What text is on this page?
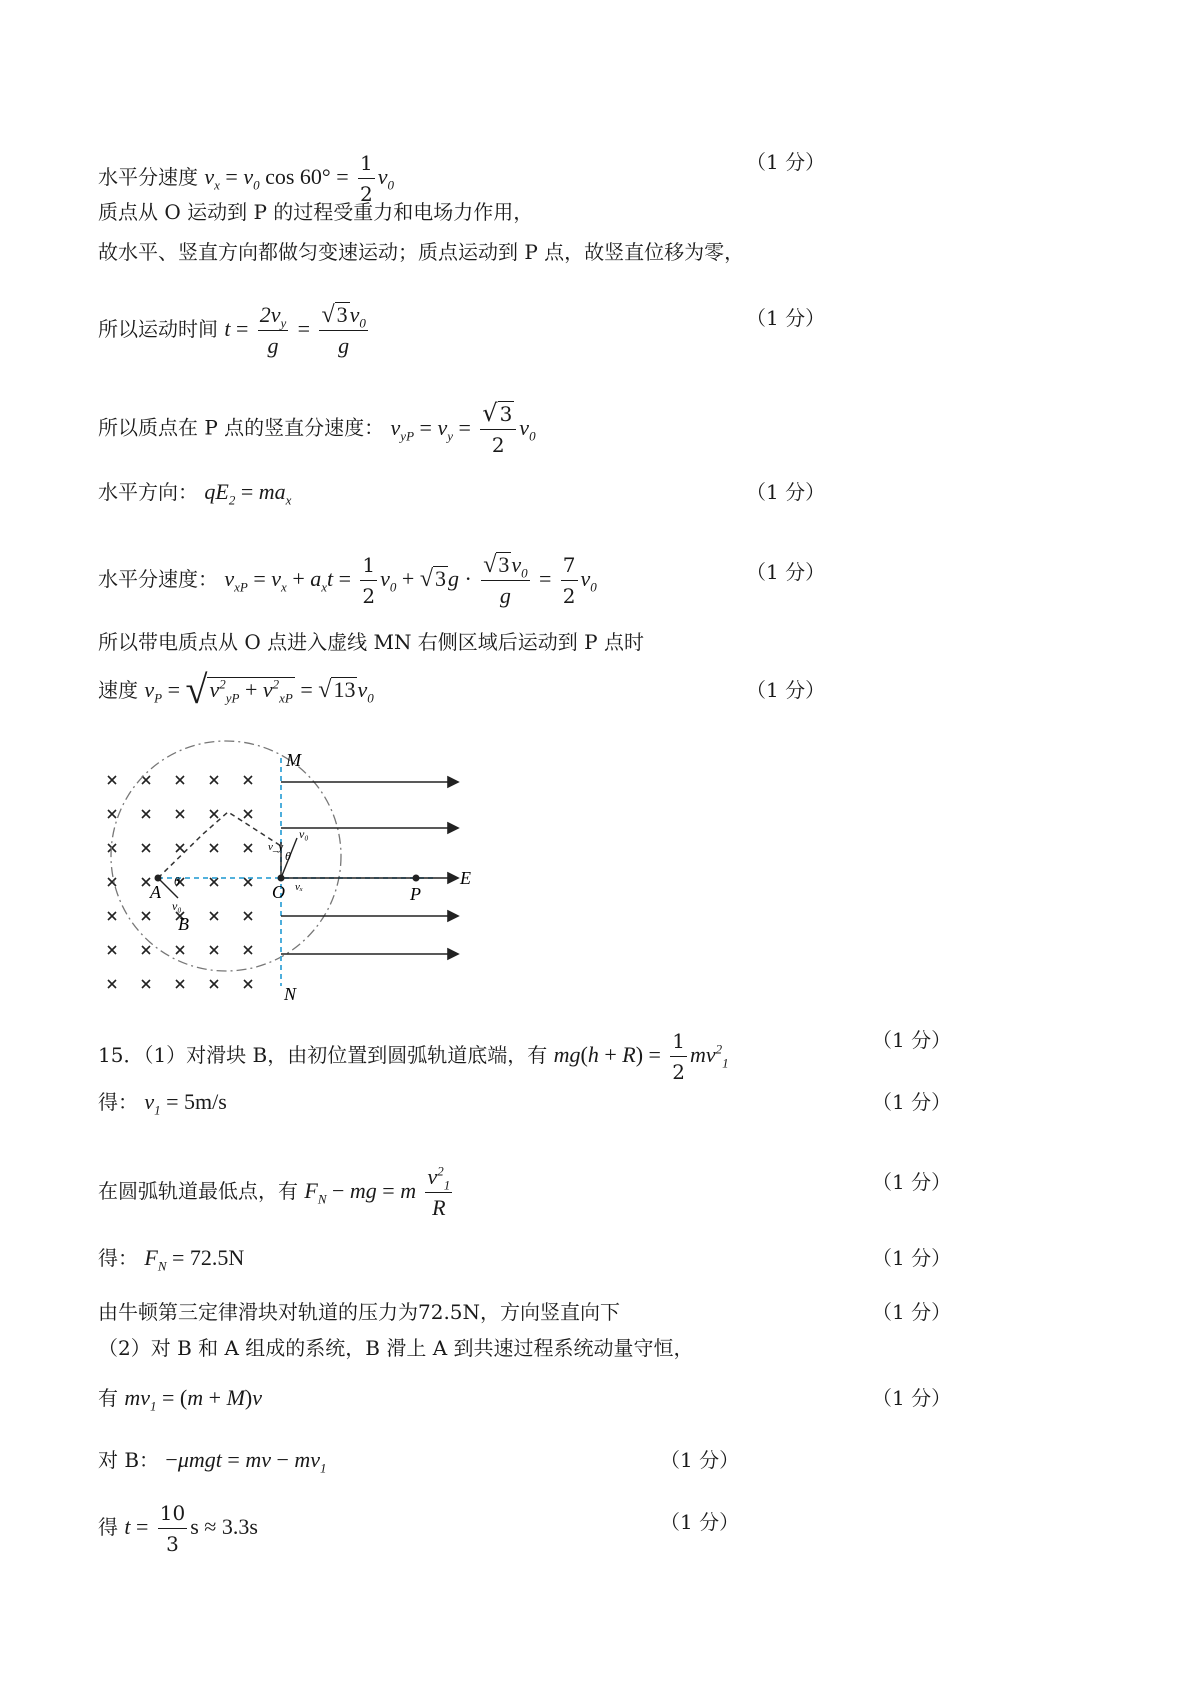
水平分速度 $v_x = v_0$ $\cos 60^\circ = \frac{1}{2} v_0$
（1 分）
质点从 O 运动到 P 的过程受重力和电场力作用，
故水平、竖直方向都做匀变速运动；质点运动到 P 点，故竖直位移为零，
所以运动时间 $t = \frac{2v_y}{g} = \frac{√3v_0}{g}$	（1 分）
所以质点在 P 点的竖直分速度： $v_{yP} = v_y = \frac{√ 3}{2} v_0$
水平方向： $qE_2 = ma_x$	（1 分）
水平分速度： $v_{xP} = v_x + a_xt = \frac{1}{2} v_0 + √3g \cdot \frac{√3v_0}{g} = \frac{7}{2} v_0$
（1 分）
所以带电质点从 O 点进入虚线 MN 右侧区域后运动到 P 点时
速度 $v_P = √v^2_{yP} + v^2_{xP} = √13v_0$	（1 分）
M
N
O	P
E
A
B
θ
θ
v₀
v_y
vₓ
v₀
15．（1）对滑块 B，由初位置到圆弧轨道底端，有 $mg(h + R) = \frac{1}{2} mv^2_1$
（1 分）
得： $v_1 = 5m/s$	（1 分）
在圆弧轨道最低点，有 $F_N$ − mg = m $\frac{v^2_1}{R}$	（1 分）
得： $F_N = 72.5N$	（1 分）
由牛顿第三定律滑块对轨道的压力为72.5N，方向竖直向下	（1 分）
（2）对 B 和 A 组成的系统，B 滑上 A 到共速过程系统动量守恒，
有 $mv_1 = (m + M)v$	（1 分）
对 B： −μmgt = mv − $mv_1$	（1 分）
得 $t = \frac{10}{3}$ s ≈ 3.3s	（1 分）
